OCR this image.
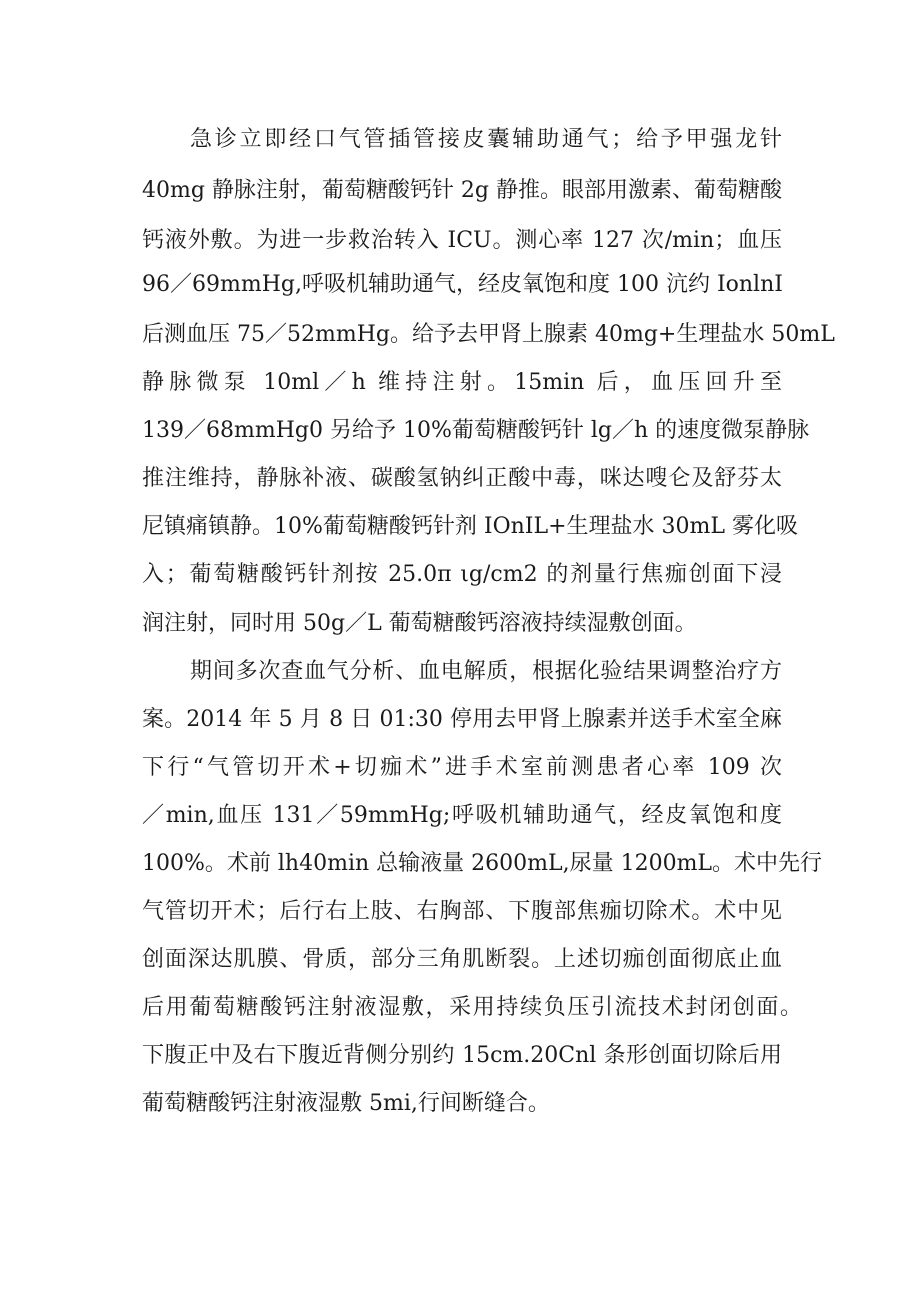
急诊立即经口气管插管接皮囊辅助通气；给予甲强龙针
40mg 静脉注射，葡萄糖酸钙针 2g 静推。眼部用激素、葡萄糖酸
钙液外敷。为进一步救治转入 ICU。测心率 127 次/min；血压
96／69mmHg,呼吸机辅助通气，经皮氧饱和度 100 沆约 IonlnI
后测血压 75／52mmHg。给予去甲肾上腺素 40mg+生理盐水 50mL
静脉微泵 10ml／h 维持注射。15min 后，血压回升至
139／68mmHg0 另给予 10%葡萄糖酸钙针 lg／h 的速度微泵静脉
推注维持，静脉补液、碳酸氢钠纠正酸中毒，咪达嗖仑及舒芬太
尼镇痛镇静。10%葡萄糖酸钙针剂 IOnIL+生理盐水 30mL 雾化吸
入；葡萄糖酸钙针剂按 25.0π ιg/cm2 的剂量行焦痂创面下浸
润注射，同时用 50g／L 葡萄糖酸钙溶液持续湿敷创面。
期间多次查血气分析、血电解质，根据化验结果调整治疗方
案。2014 年 5 月 8 日 01:30 停用去甲肾上腺素并送手术室全麻
下行“气管切开术+切痂术”进手术室前测患者心率 109 次
／min,血压 131／59mmHg;呼吸机辅助通气，经皮氧饱和度
100%。术前 lh40min 总输液量 2600mL,尿量 1200mL。术中先行
气管切开术；后行右上肢、右胸部、下腹部焦痂切除术。术中见
创面深达肌膜、骨质，部分三角肌断裂。上述切痂创面彻底止血
后用葡萄糖酸钙注射液湿敷，采用持续负压引流技术封闭创面。
下腹正中及右下腹近背侧分别约 15cm.20Cnl 条形创面切除后用
葡萄糖酸钙注射液湿敷 5mi,行间断缝合。
